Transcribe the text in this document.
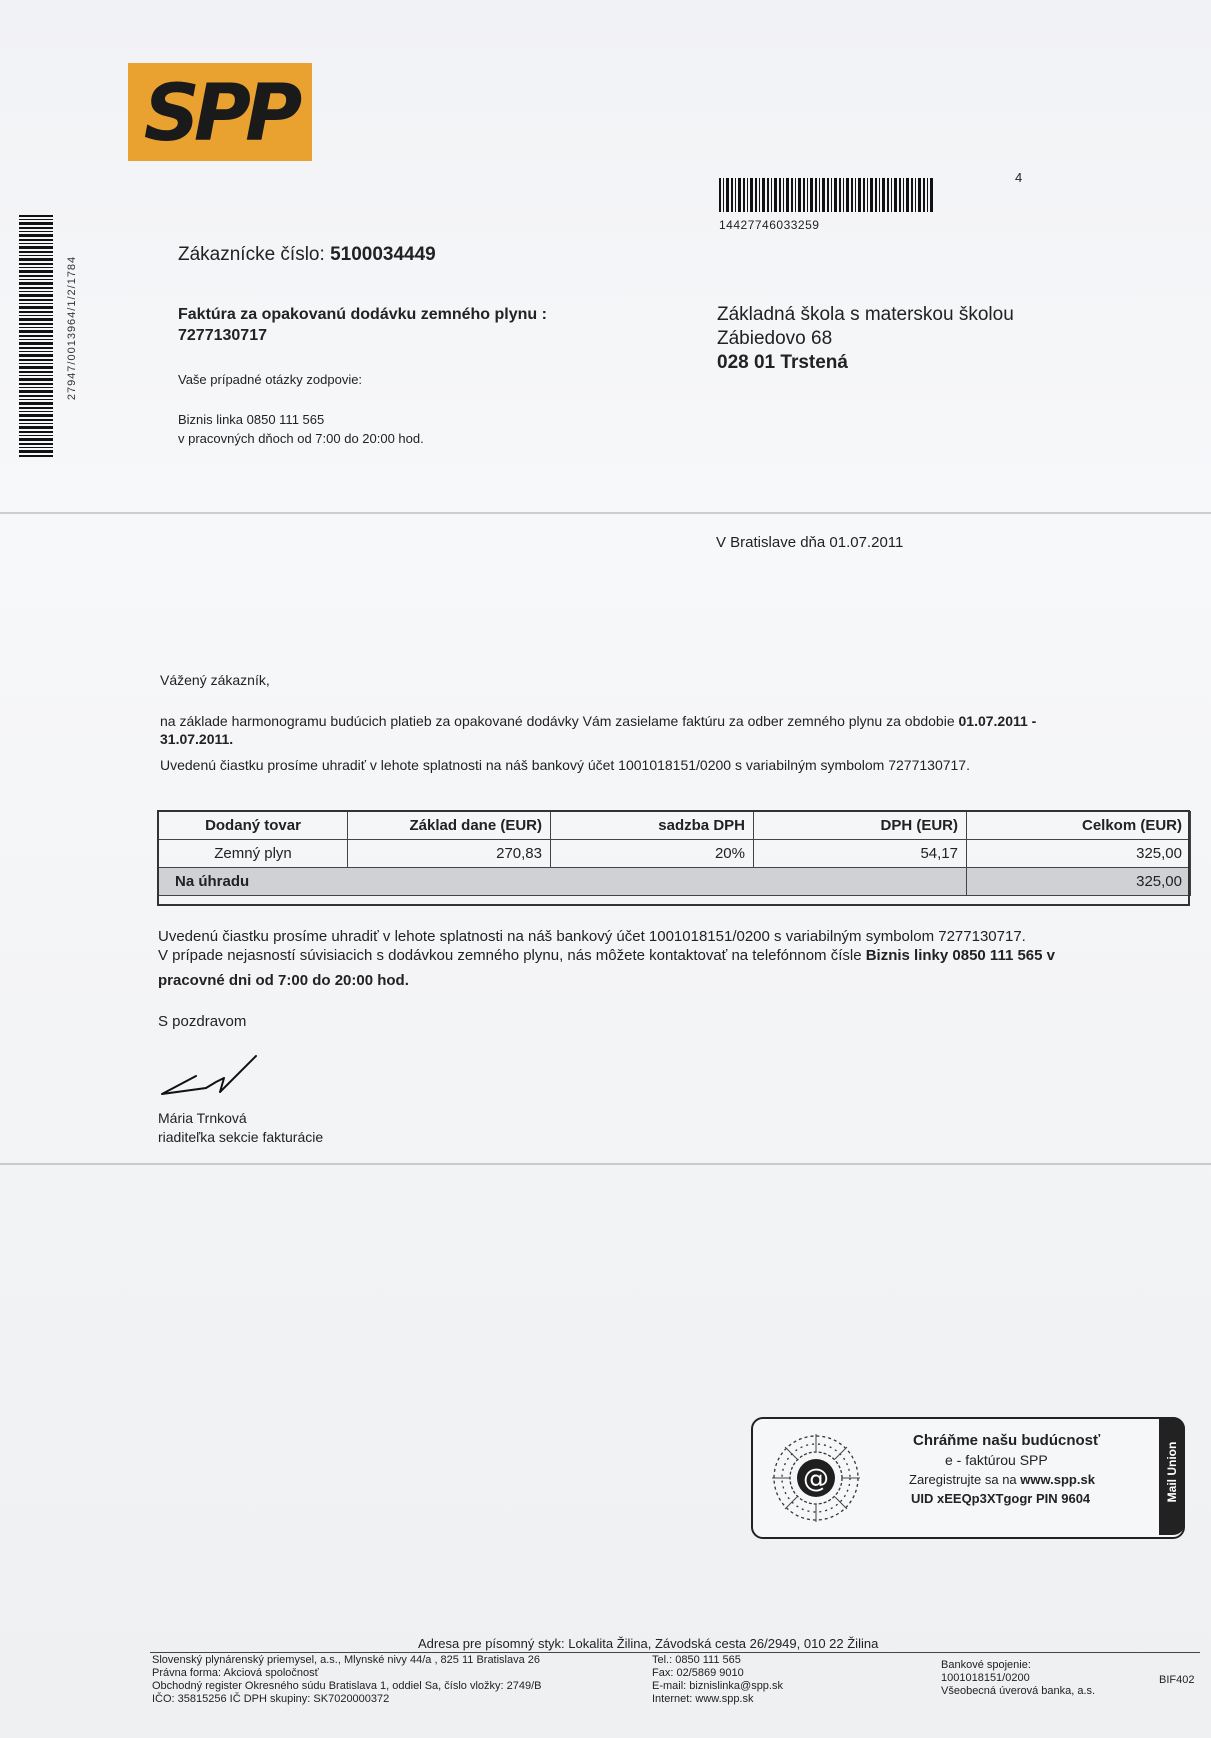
SPP
14427746033259
4
27947/0013964/1/2/1784
Zákaznícke číslo: 5100034449
Faktúra za opakovanú dodávku zemného plynu :
7277130717
Vaše prípadné otázky zodpovie:
Biznis linka 0850 111 565
v pracovných dňoch od 7:00 do 20:00 hod.
Základná škola s materskou školou
Zábiedovo 68
028 01 Trstená
V Bratislave dňa 01.07.2011
Vážený zákazník,
na základe harmonogramu budúcich platieb za opakované dodávky Vám zasielame faktúru za odber zemného plynu za obdobie 01.07.2011 -
31.07.2011.
Uvedenú čiastku prosíme uhradiť v lehote splatnosti na náš bankový účet 1001018151/0200 s variabilným symbolom 7277130717.
Dodaný tovar	Základ dane (EUR)	sadzba DPH	DPH (EUR)	Celkom (EUR)
Zemný plyn	270,83	20%	54,17	325,00
Na úhradu				325,00
Uvedenú čiastku prosíme uhradiť v lehote splatnosti na náš bankový účet 1001018151/0200 s variabilným symbolom 7277130717.
V prípade nejasností súvisiacich s dodávkou zemného plynu, nás môžete kontaktovať na telefónnom čísle Biznis linky 0850 111 565 v
pracovné dni od 7:00 do 20:00 hod.
S pozdravom
Mária Trnková
riaditeľka sekcie fakturácie
@
Chráňme našu budúcnosť
e - faktúrou SPP
Zaregistrujte sa na www.spp.sk
UID xEEQp3XTgogr PIN 9604	Mail Union
Adresa pre písomný styk: Lokalita Žilina, Závodská cesta 26/2949, 010 22 Žilina
Slovenský plynárenský priemysel, a.s., Mlynské nivy 44/a , 825 11 Bratislava 26
Právna forma: Akciová spoločnosť
Obchodný register Okresného súdu Bratislava 1, oddiel Sa, číslo vložky: 2749/B
IČO: 35815256 IČ DPH skupiny: SK7020000372
Tel.: 0850 111 565
Fax: 02/5869 9010
E-mail: biznislinka@spp.sk
Internet: www.spp.sk
Bankové spojenie:
1001018151/0200
Všeobecná úverová banka, a.s.
BIF402
